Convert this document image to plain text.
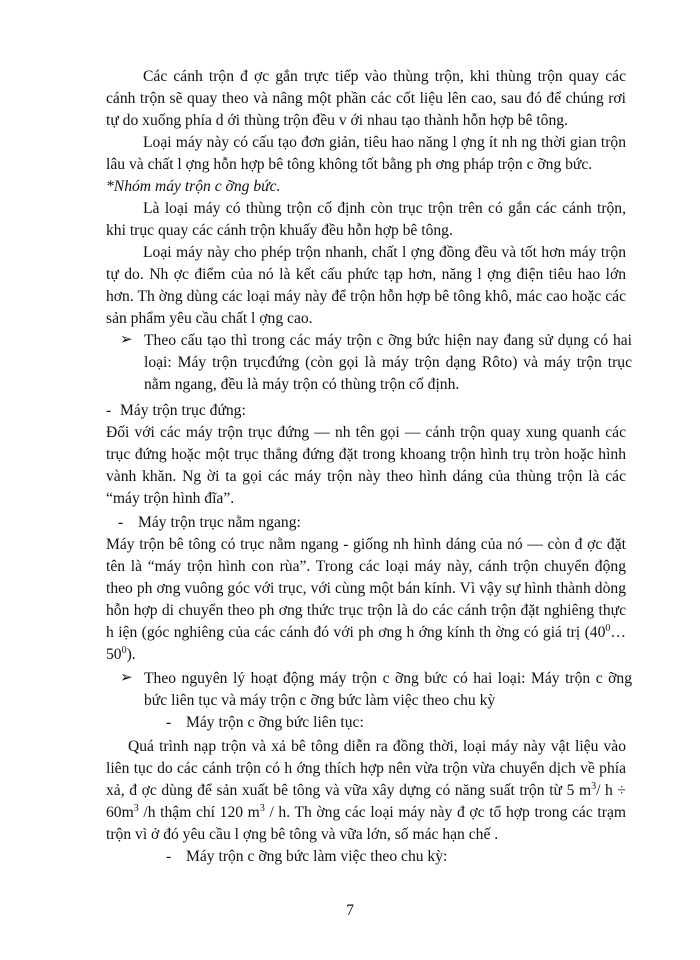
Các cánh trộn đ ợc gắn trực tiếp vào thùng trộn, khi thùng trộn quay các cánh trộn sẽ quay theo và nâng một phần các cốt liệu lên cao, sau đó để chúng rơi tự do xuống phía d ới thùng trộn đều v ới nhau tạo thành hỗn hợp bê tông.

Loại máy này có cấu tạo đơn giản, tiêu hao năng l ợng ít nh ng thời gian trộn lâu và chất l ợng hỗn hợp bê tông không tốt bằng ph ơng pháp trộn c ỡng bức.

*Nhóm máy trộn c ỡng bức.

Là loại máy có thùng trộn cố định còn trục trộn trên có gắn các cánh trộn, khi trục quay các cánh trộn khuấy đều hỗn hợp bê tông.

Loại máy này cho phép trộn nhanh, chất l ợng đồng đều và tốt hơn máy trộn tự do. Nh ợc điểm của nó là kết cấu phức tạp hơn, năng l ợng điện tiêu hao lớn hơn. Th ờng dùng các loại máy này để trộn hỗn hợp bê tông khô, mác cao hoặc các sản phẩm yêu cầu chất l ợng cao.

➢ Theo cấu tạo thì trong các máy trộn c ỡng bức hiện nay đang sử dụng có hai loại: Máy trộn trụcđứng (còn gọi là máy trộn dạng Rôto) và máy trộn trục nằm ngang, đều là máy trộn có thùng trộn cố định.
- Máy trộn trục đứng:

Đối với các máy trộn trục đứng — nh tên gọi — cánh trộn quay xung quanh các trục đứng hoặc một trục thẳng đứng đặt trong khoang trộn hình trụ tròn hoặc hình vành khăn. Ng ời ta gọi các máy trộn này theo hình dáng của thùng trộn là các “máy trộn hình đĩa”.

- Máy trộn trục nằm ngang:

Máy trộn bê tông có trục nằm ngang - giống nh hình dáng của nó — còn đ ợc đặt tên là “máy trộn hình con rùa”. Trong các loại máy này, cánh trộn chuyển động theo ph ơng vuông góc với trục, với cùng một bán kính. Vì vậy sự hình thành dòng hỗn hợp di chuyển theo ph ơng thức trục trộn là do các cánh trộn đặt nghiêng thực h iện (góc nghiêng của các cánh đó với ph ơng h ớng kính th ờng có giá trị $(40^0\dots 50^0)$.

➢ Theo nguyên lý hoạt động máy trộn c ỡng bức có hai loại: Máy trộn c ỡng bức liên tục và máy trộn c ỡng bức làm việc theo chu kỳ
- Máy trộn c ỡng bức liên tục:

Quá trình nạp trộn và xả bê tông diễn ra đồng thời, loại máy này vật liệu vào liên tục do các cánh trộn có h ớng thích hợp nên vừa trộn vừa chuyển dịch về phía xả, đ ợc dùng để sản xuất bê tông và vữa xây dựng có năng suất trộn từ 5 $m^3/$ $h \div 60m^3$ /h thậm chí 120 $m^3$ / h. Th ờng các loại máy này đ ợc tổ hợp trong các trạm trộn vì ở đó yêu cầu l ợng bê tông và vữa lớn, số mác hạn chế .

- Máy trộn c ỡng bức làm việc theo chu kỳ:
7
